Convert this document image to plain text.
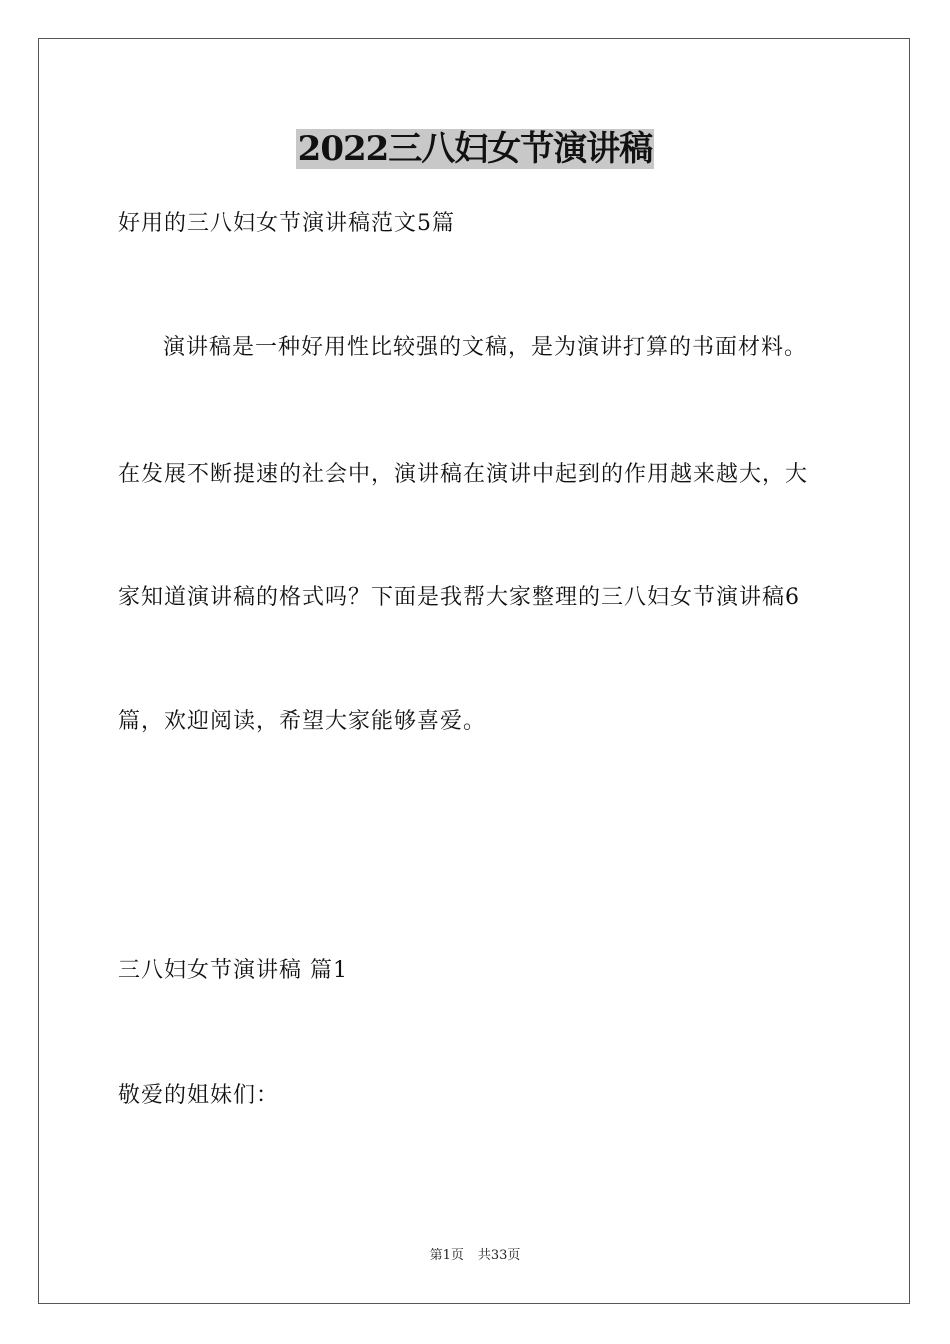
2022三八妇女节演讲稿
好用的三八妇女节演讲稿范文5篇
演讲稿是一种好用性比较强的文稿，是为演讲打算的书面材料。
在发展不断提速的社会中，演讲稿在演讲中起到的作用越来越大，大
家知道演讲稿的格式吗？下面是我帮大家整理的三八妇女节演讲稿6
篇，欢迎阅读，希望大家能够喜爱。
三八妇女节演讲稿 篇1
敬爱的姐妹们：
第1页 共33页
